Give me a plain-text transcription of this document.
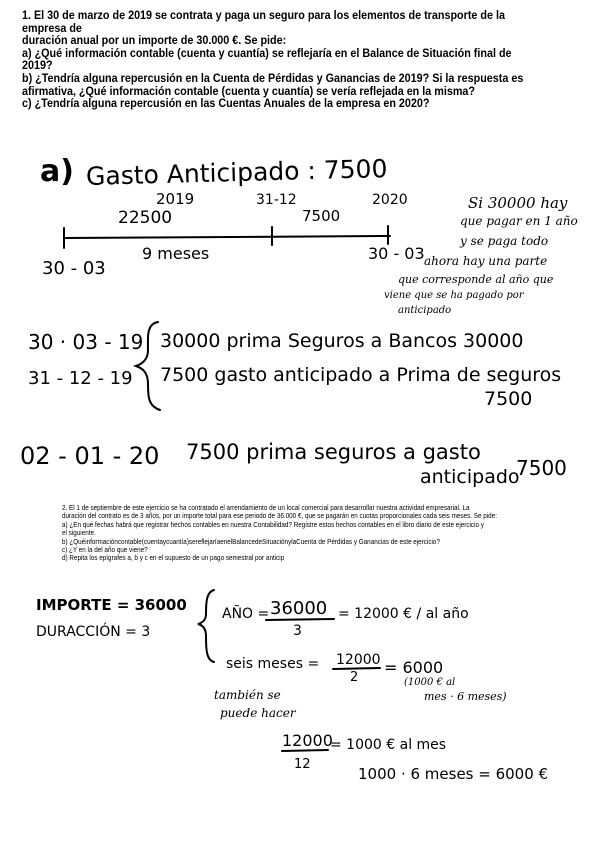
1. El 30 de marzo de 2019 se contrata y paga un seguro para los elementos de transporte de la empresa de

duración anual por un importe de 30.000 €. Se pide:

a) ¿Qué información contable (cuenta y cuantía) se reflejaría en el Balance de Situación final de 2019?

b) ¿Tendría alguna repercusión en la Cuenta de Pérdidas y Ganancias de 2019? Si la respuesta es

afirmativa, ¿Qué información contable (cuenta y cuantía) se vería reflejada en la misma?

c) ¿Tendría alguna repercusión en las Cuentas Anuales de la empresa en 2020?

a) Gasto Anticipado : 7500
2019	31-12	2020
22500	7500
9 meses
30 - 03
30 - 03
Si 30000 hay
que pagar en 1 año
y se paga todo
ahora hay una parte
que corresponde al año que
viene que se ha pagado por
anticipado
30 · 03 - 19 30000 prima Seguros a Bancos 30000
31 - 12 - 19 7500 gasto anticipado a Prima de seguros
7500
02 - 01 - 20 7500 prima seguros a gasto
anticipado
7500

2. El 1 de septiembre de este ejercicio se ha contratado el arrendamiento de un local comercial para desarrollar nuestra actividad empresarial. La

duración del contrato es de 3 años, por un importe total para ese periodo de 36.000 €, que se pagarán en cuotas proporcionales cada seis meses. Se pide:

a) ¿En qué fechas habrá que registrar hechos contables en nuestra Contabilidad? Registre estos hechos contables en el libro diario de este ejercicio y

el siguiente.

b) ¿Quéinformacióncontable(cuentaycuantía)sereflejaríaenelBalancedeSituaciónylaCuenta de Pérdidas y Ganancias de este ejercicio?

c) ¿Y en la del año que viene?

d) Repita los epígrafes a, b y c en el supuesto de un pago semestral por anticip

IMPORTE = 36000
DURACCIÓN = 3
AÑO = 36000
3
= 12000 € / al año
seis meses = 12000
2
= 6000
(1000 € al
mes · 6 meses)
también se
puede hacer
12000
12
= 1000 € al mes
1000 · 6 meses = 6000 €
